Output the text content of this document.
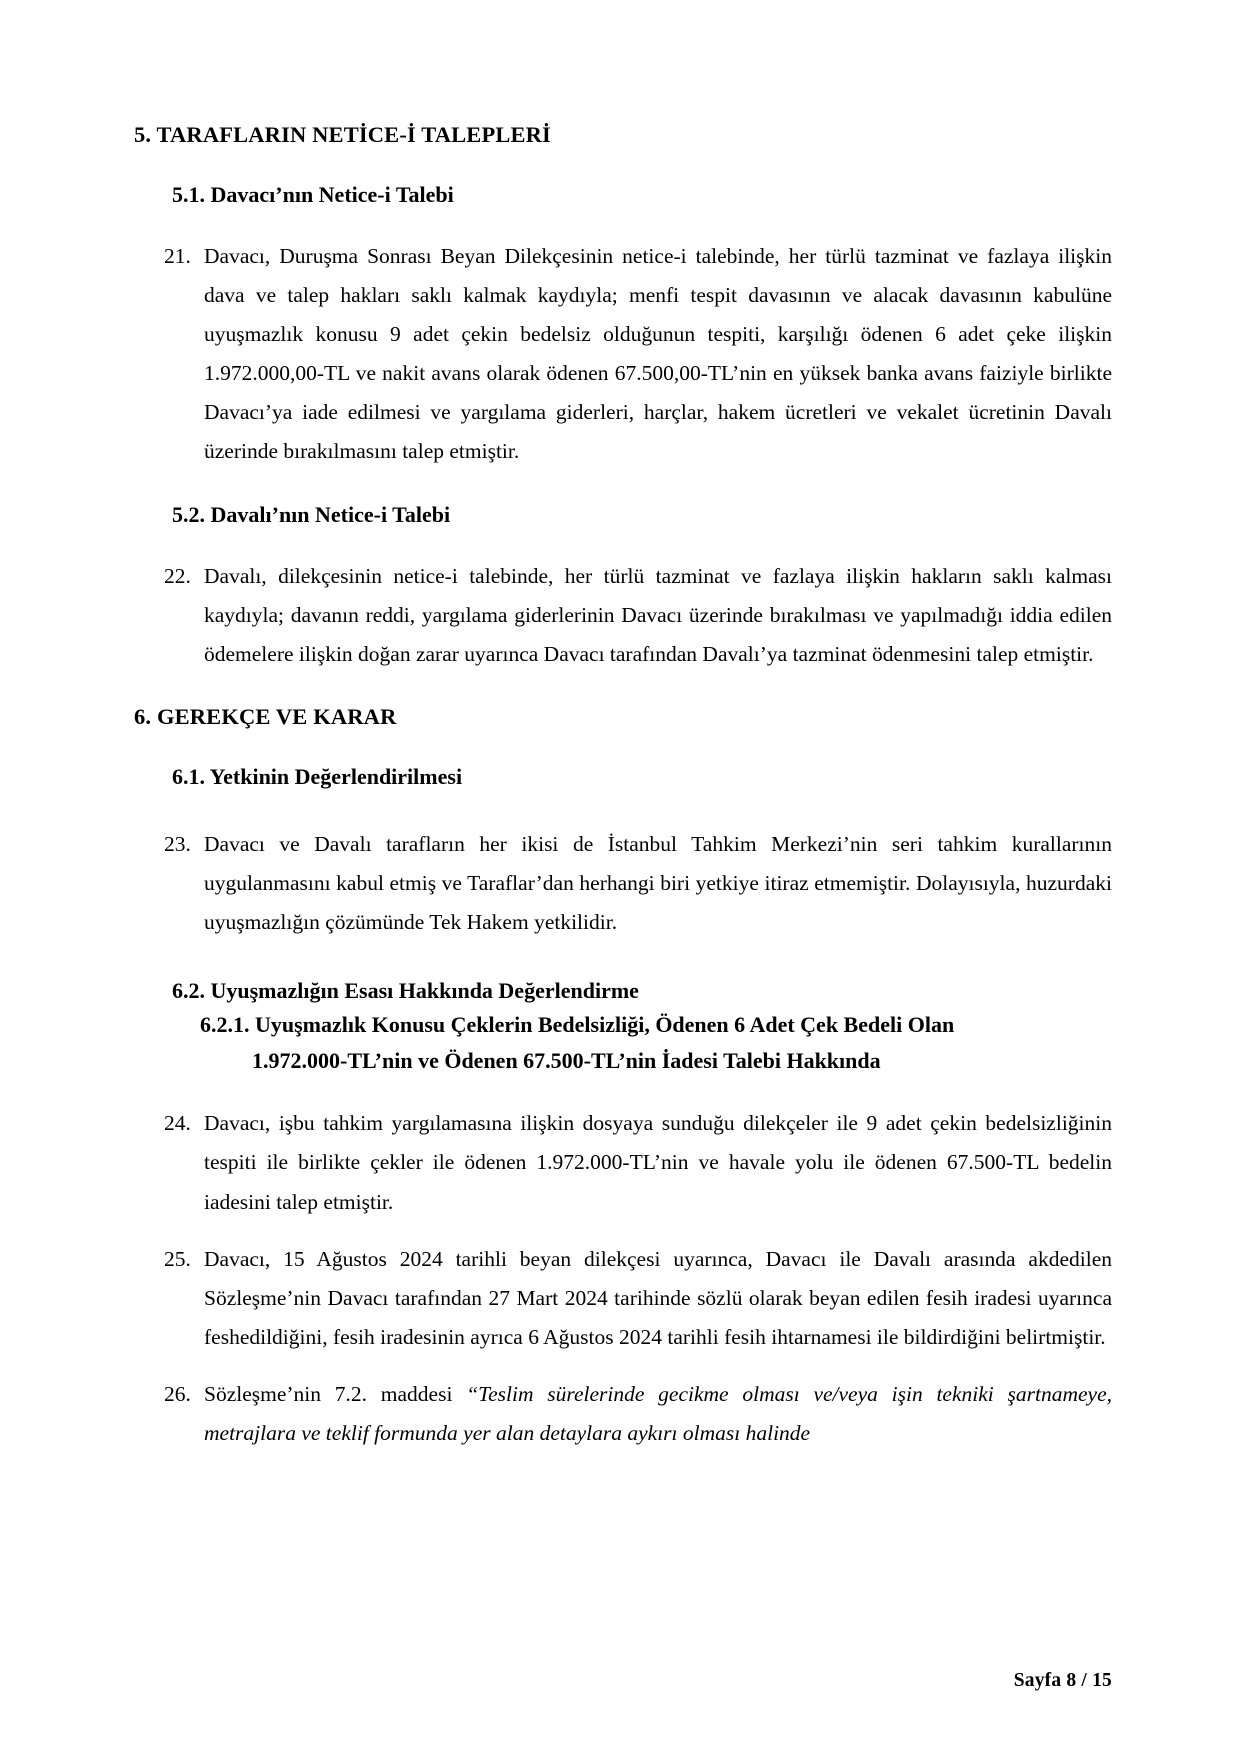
5. TARAFLARIN NETİCE-İ TALEPLERİ
5.1. Davacı’nın Netice-i Talebi

21. Davacı, Duruşma Sonrası Beyan Dilekçesinin netice-i talebinde, her türlü tazminat ve fazlaya ilişkin dava ve talep hakları saklı kalmak kaydıyla; menfi tespit davasının ve alacak davasının kabulüne uyuşmazlık konusu 9 adet çekin bedelsiz olduğunun tespiti, karşılığı ödenen 6 adet çeke ilişkin 1.972.000,00-TL ve nakit avans olarak ödenen 67.500,00-TL’nin en yüksek banka avans faiziyle birlikte Davacı’ya iade edilmesi ve yargılama giderleri, harçlar, hakem ücretleri ve vekalet ücretinin Davalı üzerinde bırakılmasını talep etmiştir.

5.2. Davalı’nın Netice-i Talebi

22. Davalı, dilekçesinin netice-i talebinde, her türlü tazminat ve fazlaya ilişkin hakların saklı kalması kaydıyla; davanın reddi, yargılama giderlerinin Davacı üzerinde bırakılması ve yapılmadığı iddia edilen ödemelere ilişkin doğan zarar uyarınca Davacı tarafından Davalı’ya tazminat ödenmesini talep etmiştir.

6. GEREKÇE VE KARAR
6.1. Yetkinin Değerlendirilmesi

23. Davacı ve Davalı tarafların her ikisi de İstanbul Tahkim Merkezi’nin seri tahkim kurallarının uygulanmasını kabul etmiş ve Taraflar’dan herhangi biri yetkiye itiraz etmemiştir. Dolayısıyla, huzurdaki uyuşmazlığın çözümünde Tek Hakem yetkilidir.

6.2. Uyuşmazlığın Esası Hakkında Değerlendirme
6.2.1. Uyuşmazlık Konusu Çeklerin Bedelsizliği, Ödenen 6 Adet Çek Bedeli Olan
1.972.000-TL’nin ve Ödenen 67.500-TL’nin İadesi Talebi Hakkında

24. Davacı, işbu tahkim yargılamasına ilişkin dosyaya sunduğu dilekçeler ile 9 adet çekin bedelsizliğinin tespiti ile birlikte çekler ile ödenen 1.972.000-TL’nin ve havale yolu ile ödenen 67.500-TL bedelin iadesini talep etmiştir.

25. Davacı, 15 Ağustos 2024 tarihli beyan dilekçesi uyarınca, Davacı ile Davalı arasında akdedilen Sözleşme’nin Davacı tarafından 27 Mart 2024 tarihinde sözlü olarak beyan edilen fesih iradesi uyarınca feshedildiğini, fesih iradesinin ayrıca 6 Ağustos 2024 tarihli fesih ihtarnamesi ile bildirdiğini belirtmiştir.

26. Sözleşme’nin 7.2. maddesi “Teslim sürelerinde gecikme olması ve/veya işin tekniki şartnameye, metrajlara ve teklif formunda yer alan detaylara aykırı olması halinde

Sayfa 8 / 15
